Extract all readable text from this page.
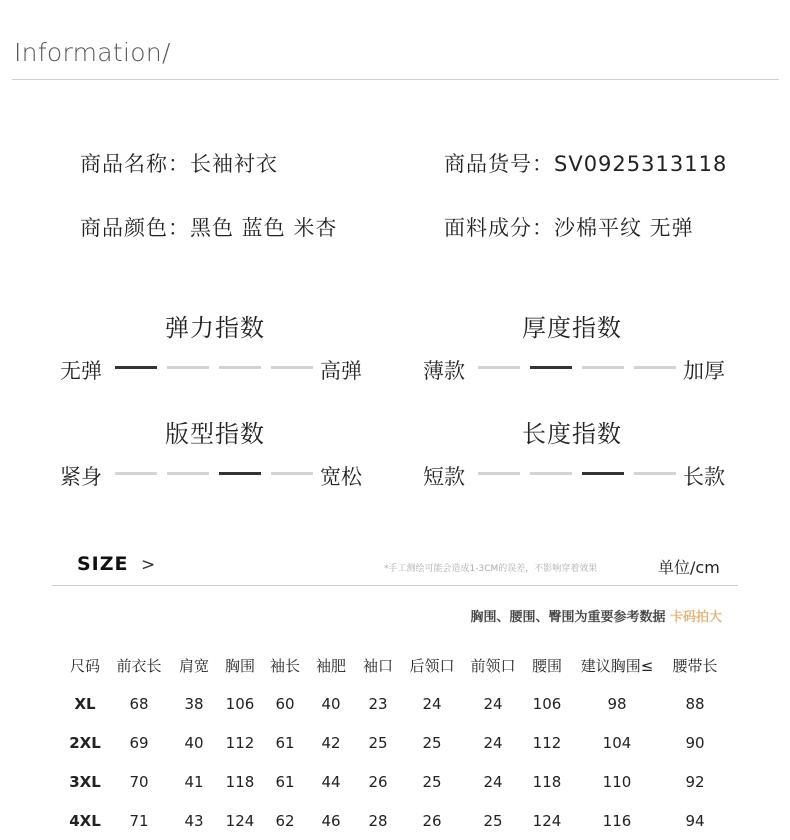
Information/
商品名称：长袖衬衣	商品货号：SV0925313118
商品颜色：黑色 蓝色 米杏	面料成分：沙棉平纹 无弹
弹力指数
无弹	高弹
厚度指数
薄款	加厚
版型指数
紧身	宽松
长度指数
短款	长款
SIZE >	*手工测绘可能会造成1-3CM的误差，不影响穿着效果	单位/cm
胸围、腰围、臀围为重要参考数据 卡码拍大
尺码	前衣长	肩宽	胸围	袖长	袖肥	袖口	后领口	前领口	腰围	建议胸围≤	腰带长
XL	68	38	106	60	40	23	24	24	106	98	88
2XL	69	40	112	61	42	25	25	24	112	104	90
3XL	70	41	118	61	44	26	25	24	118	110	92
4XL	71	43	124	62	46	28	26	25	124	116	94
